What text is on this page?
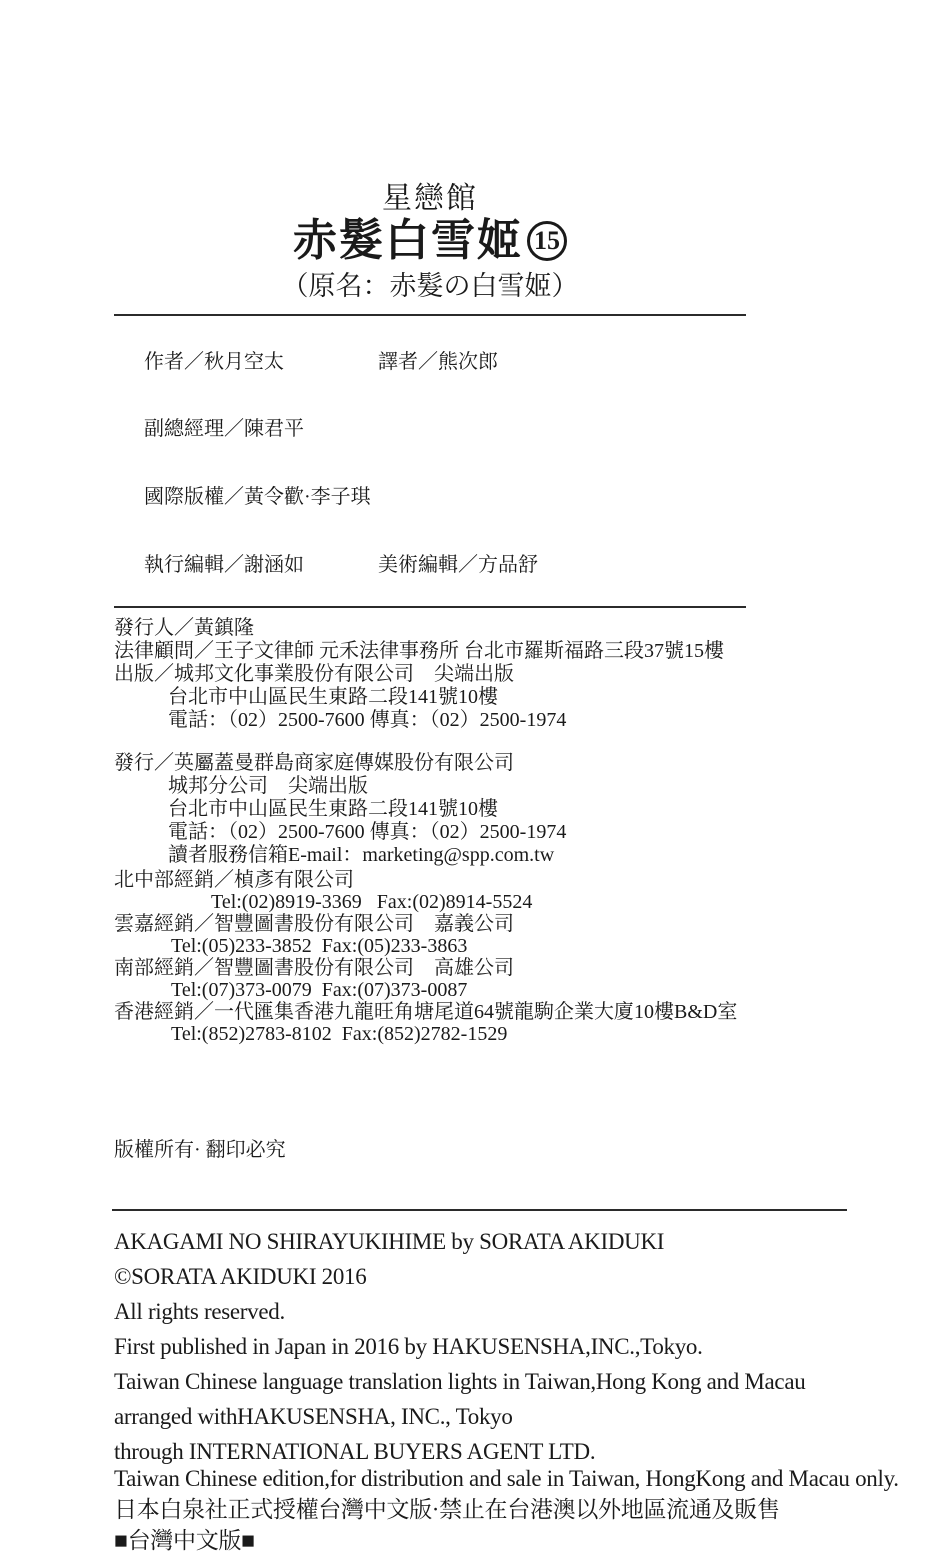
星戀館
赤髮白雪姬 15
（原名：赤髮の白雪姬）

作者／秋月空太	譯者／熊次郎

副總經理／陳君平

國際版權／黃令歡·李子琪

執行編輯／謝涵如	美術編輯／方品舒

發行人／黃鎮隆
法律顧問／王子文律師 元禾法律事務所 台北市羅斯福路三段37號15樓
出版／城邦文化事業股份有限公司　尖端出版
台北市中山區民生東路二段141號10樓
電話：（02）2500-7600 傳真：（02）2500-1974
發行／英屬蓋曼群島商家庭傳媒股份有限公司
城邦分公司　尖端出版
台北市中山區民生東路二段141號10樓
電話：（02）2500-7600 傳真：（02）2500-1974
讀者服務信箱E-mail：marketing@spp.com.tw
北中部經銷／楨彥有限公司
Tel:(02)8919-3369   Fax:(02)8914-5524
雲嘉經銷／智豐圖書股份有限公司　嘉義公司
Tel:(05)233-3852  Fax:(05)233-3863
南部經銷／智豐圖書股份有限公司　高雄公司
Tel:(07)373-0079  Fax:(07)373-0087
香港經銷／一代匯集香港九龍旺角塘尾道64號龍駒企業大廈10樓B&D室
Tel:(852)2783-8102  Fax:(852)2782-1529
版權所有· 翻印必究
AKAGAMI NO SHIRAYUKIHIME by SORATA AKIDUKI
©SORATA AKIDUKI 2016
All rights reserved.
First published in Japan in 2016 by HAKUSENSHA,INC.,Tokyo.
Taiwan Chinese language translation lights in Taiwan,Hong Kong and Macau
arranged withHAKUSENSHA, INC., Tokyo
through INTERNATIONAL BUYERS AGENT LTD.
Taiwan Chinese edition,for distribution and sale in Taiwan, HongKong and Macau only.
日本白泉社正式授權台灣中文版·禁止在台港澳以外地區流通及販售
■台灣中文版■
